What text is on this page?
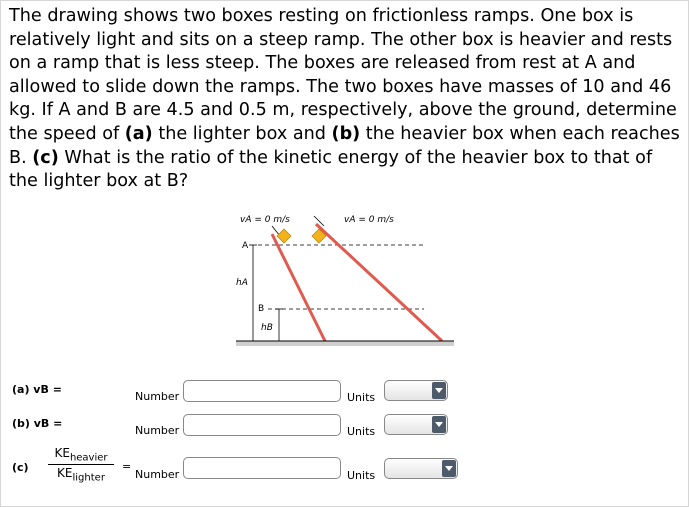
The drawing shows two boxes resting on frictionless ramps. One box is relatively light and sits on a steep ramp. The other box is heavier and rests on a ramp that is less steep. The boxes are released from rest at A and allowed to slide down the ramps. The two boxes have masses of 10 and 46 kg. If A and B are 4.5 and 0.5 m, respectively, above the ground, determine the speed of (a) the lighter box and (b) the heavier box when each reaches B. (c) What is the ratio of the kinetic energy of the heavier box to that of the lighter box at B?

vA = 0 m/s	vA = 0 m/s
A
B
hA
hB
(a) vB =
Number	Units
(b) vB =
Number	Units
(c)
$KE_{heavier}$
$KE_{lighter}$
=
Number	Units
